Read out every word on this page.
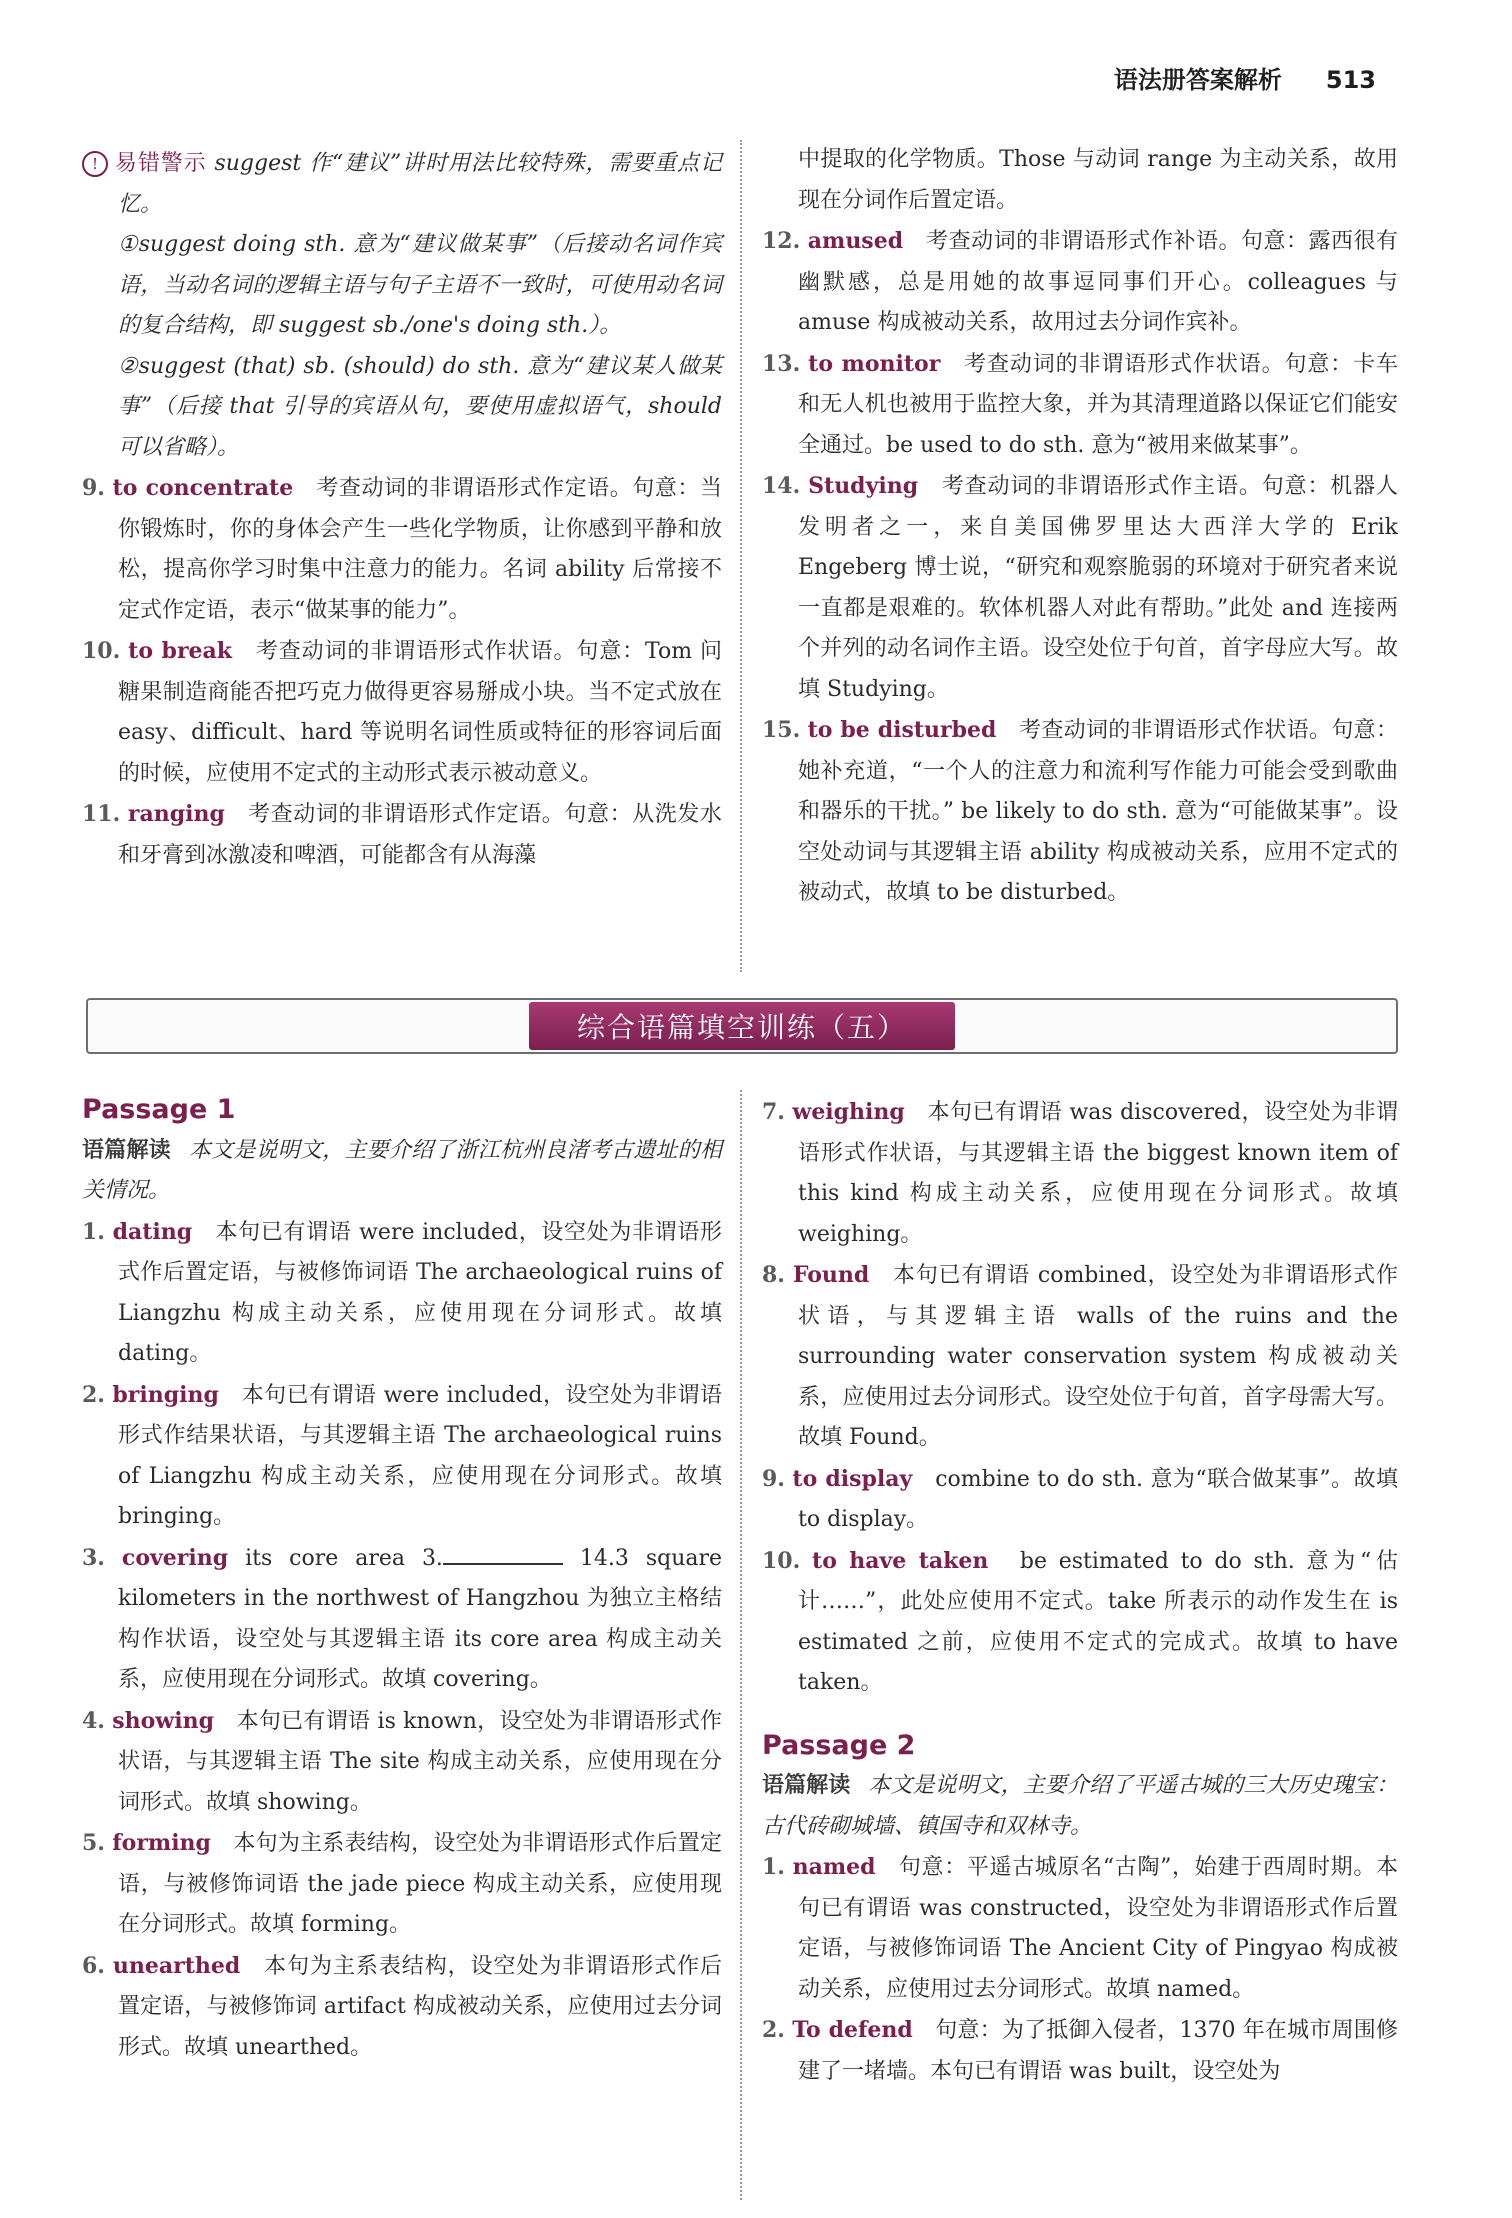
语法册答案解析 513

! 易错警示 suggest 作“建议”讲时用法比较特殊，需要重点记忆。

①suggest doing sth. 意为“建议做某事”（后接动名词作宾语，当动名词的逻辑主语与句子主语不一致时，可使用动名词的复合结构，即 suggest sb./one's doing sth.）。

②suggest (that) sb. (should) do sth. 意为“建议某人做某事”（后接 that 引导的宾语从句，要使用虚拟语气，should 可以省略）。

9. to concentrate　 考查动词的非谓语形式作定语。句意：当你锻炼时，你的身体会产生一些化学物质，让你感到平静和放松，提高你学习时集中注意力的能力。名词 ability 后常接不定式作定语，表示“做某事的能力”。

10. to break　 考查动词的非谓语形式作状语。句意：Tom 问糖果制造商能否把巧克力做得更容易掰成小块。当不定式放在 easy、difficult、hard 等说明名词性质或特征的形容词后面的时候，应使用不定式的主动形式表示被动意义。

11. ranging　 考查动词的非谓语形式作定语。句意：从洗发水和牙膏到冰激凌和啤酒，可能都含有从海藻

中提取的化学物质。Those 与动词 range 为主动关系，故用现在分词作后置定语。

12. amused　 考查动词的非谓语形式作补语。句意：露西很有幽默感，总是用她的故事逗同事们开心。colleagues 与 amuse 构成被动关系，故用过去分词作宾补。

13. to monitor　 考查动词的非谓语形式作状语。句意：卡车和无人机也被用于监控大象，并为其清理道路以保证它们能安全通过。be used to do sth. 意为“被用来做某事”。

14. Studying　 考查动词的非谓语形式作主语。句意：机器人发明者之一，来自美国佛罗里达大西洋大学的 Erik Engeberg 博士说，“研究和观察脆弱的环境对于研究者来说一直都是艰难的。软体机器人对此有帮助。”此处 and 连接两个并列的动名词作主语。设空处位于句首，首字母应大写。故填 Studying。

15. to be disturbed　 考查动词的非谓语形式作状语。句意：她补充道，“一个人的注意力和流利写作能力可能会受到歌曲和器乐的干扰。” be likely to do sth. 意为“可能做某事”。设空处动词与其逻辑主语 ability 构成被动关系，应用不定式的被动式，故填 to be disturbed。

综合语篇填空训练（五）

Passage 1

语篇解读 本文是说明文，主要介绍了浙江杭州良渚考古遗址的相关情况。

1. dating　 本句已有谓语 were included，设空处为非谓语形式作后置定语，与被修饰词语 The archaeological ruins of Liangzhu 构成主动关系，应使用现在分词形式。故填 dating。

2. bringing　 本句已有谓语 were included，设空处为非谓语形式作结果状语，与其逻辑主语 The archaeological ruins of Liangzhu 构成主动关系，应使用现在分词形式。故填 bringing。

3. covering its core area 3.	14.3 square kilometers in the northwest of Hangzhou 为独立主格结构作状语，设空处与其逻辑主语 its core area 构成主动关系，应使用现在分词形式。故填 covering。

4. showing　 本句已有谓语 is known，设空处为非谓语形式作状语，与其逻辑主语 The site 构成主动关系，应使用现在分词形式。故填 showing。

5. forming　 本句为主系表结构，设空处为非谓语形式作后置定语，与被修饰词语 the jade piece 构成主动关系，应使用现在分词形式。故填 forming。

6. unearthed　 本句为主系表结构，设空处为非谓语形式作后置定语，与被修饰词 artifact 构成被动关系，应使用过去分词形式。故填 unearthed。

7. weighing　 本句已有谓语 was discovered，设空处为非谓语形式作状语，与其逻辑主语 the biggest known item of this kind 构成主动关系，应使用现在分词形式。故填 weighing。

8. Found　 本句已有谓语 combined，设空处为非谓语形式作状语，与其逻辑主语 walls of the ruins and the surrounding water conservation system 构成被动关系，应使用过去分词形式。设空处位于句首，首字母需大写。故填 Found。

9. to display　 combine to do sth. 意为“联合做某事”。故填 to display。

10. to have taken　 be estimated to do sth. 意为“估计……”，此处应使用不定式。take 所表示的动作发生在 is estimated 之前，应使用不定式的完成式。故填 to have taken。

Passage 2

语篇解读 本文是说明文，主要介绍了平遥古城的三大历史瑰宝：古代砖砌城墙、镇国寺和双林寺。

1. named　 句意：平遥古城原名“古陶”，始建于西周时期。本句已有谓语 was constructed，设空处为非谓语形式作后置定语，与被修饰词语 The Ancient City of Pingyao 构成被动关系，应使用过去分词形式。故填 named。

2. To defend　 句意：为了抵御入侵者，1370 年在城市周围修建了一堵墙。本句已有谓语 was built，设空处为
